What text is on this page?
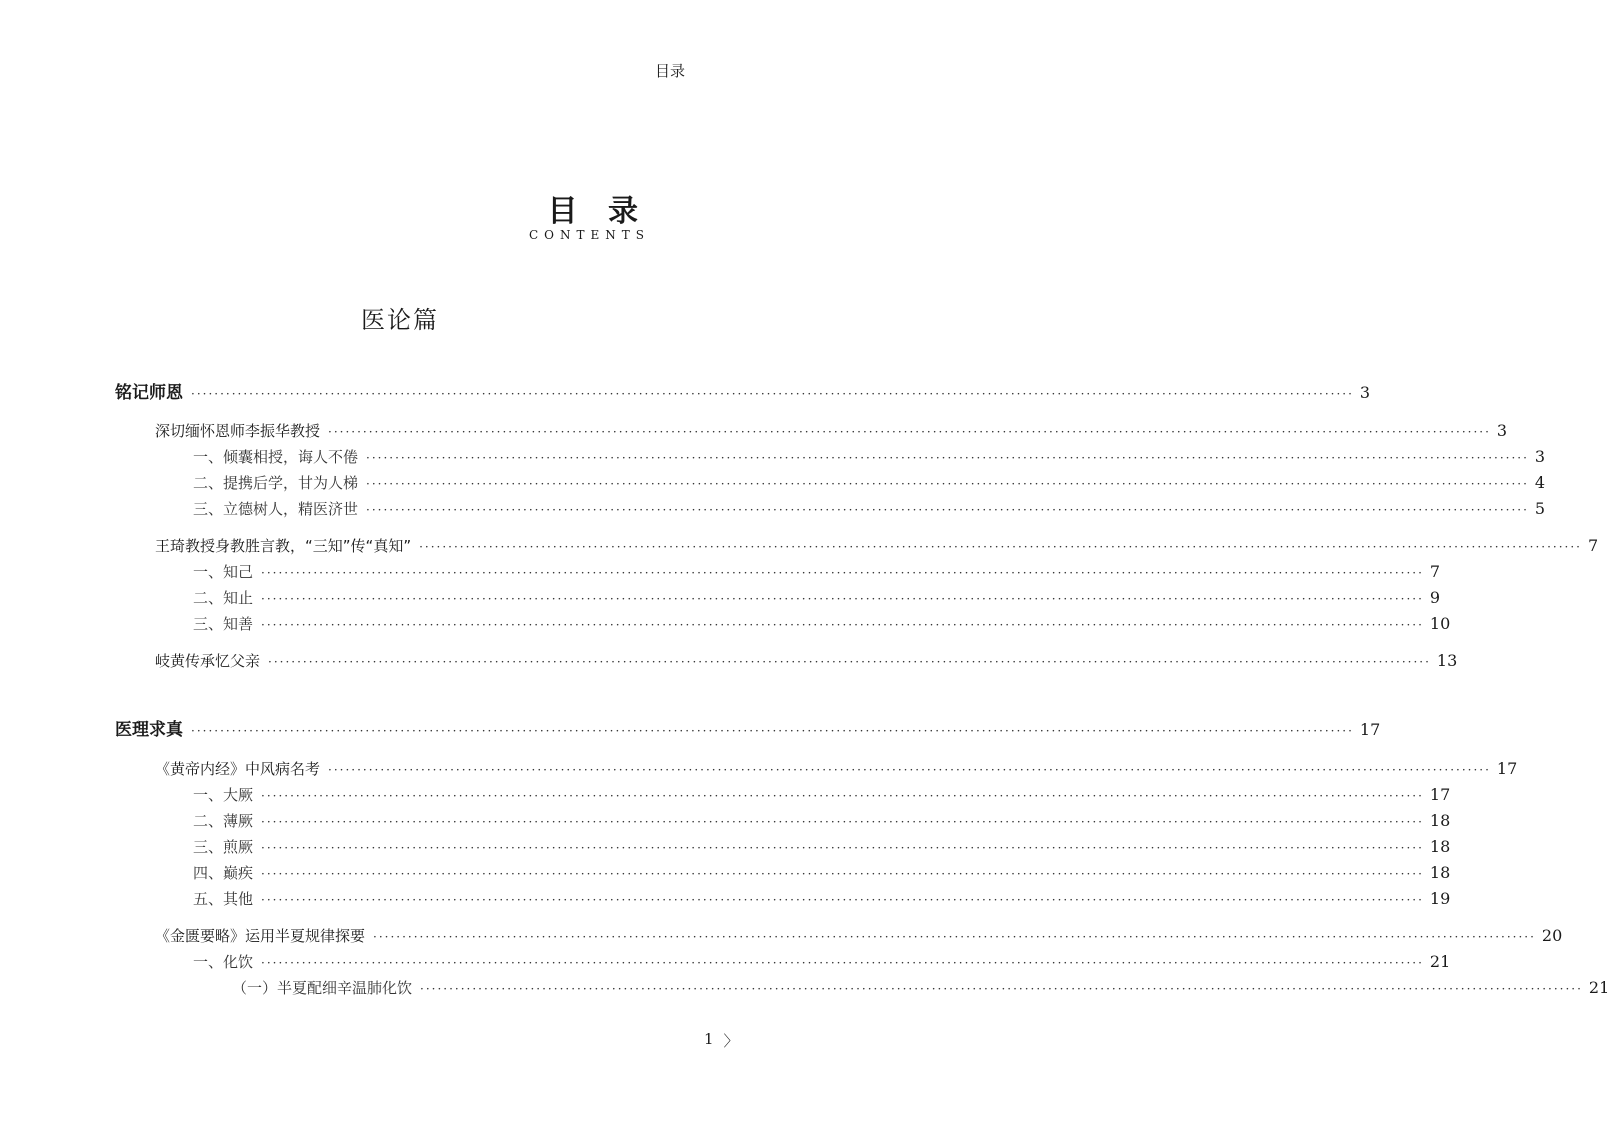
目录
目 录
CONTENTS
医论篇
铭记师恩 ········································································································································································································ 3
深切缅怀恩师李振华教授 ········································································································································································································ 3
一、倾囊相授，诲人不倦 ········································································································································································································ 3
二、提携后学，甘为人梯 ········································································································································································································ 4
三、立德树人，精医济世 ········································································································································································································ 5
王琦教授身教胜言教，“三知”传“真知” ········································································································································································································ 7
一、知己 ········································································································································································································ 7
二、知止 ········································································································································································································ 9
三、知善 ········································································································································································································ 10
岐黄传承忆父亲 ········································································································································································································ 13
医理求真 ········································································································································································································ 17
《黄帝内经》中风病名考 ········································································································································································································ 17
一、大厥 ········································································································································································································ 17
二、薄厥 ········································································································································································································ 18
三、煎厥 ········································································································································································································ 18
四、巅疾 ········································································································································································································ 18
五、其他 ········································································································································································································ 19
《金匮要略》运用半夏规律探要 ········································································································································································································ 20
一、化饮 ········································································································································································································ 21
（一）半夏配细辛温肺化饮 ········································································································································································································ 21
1 〉
